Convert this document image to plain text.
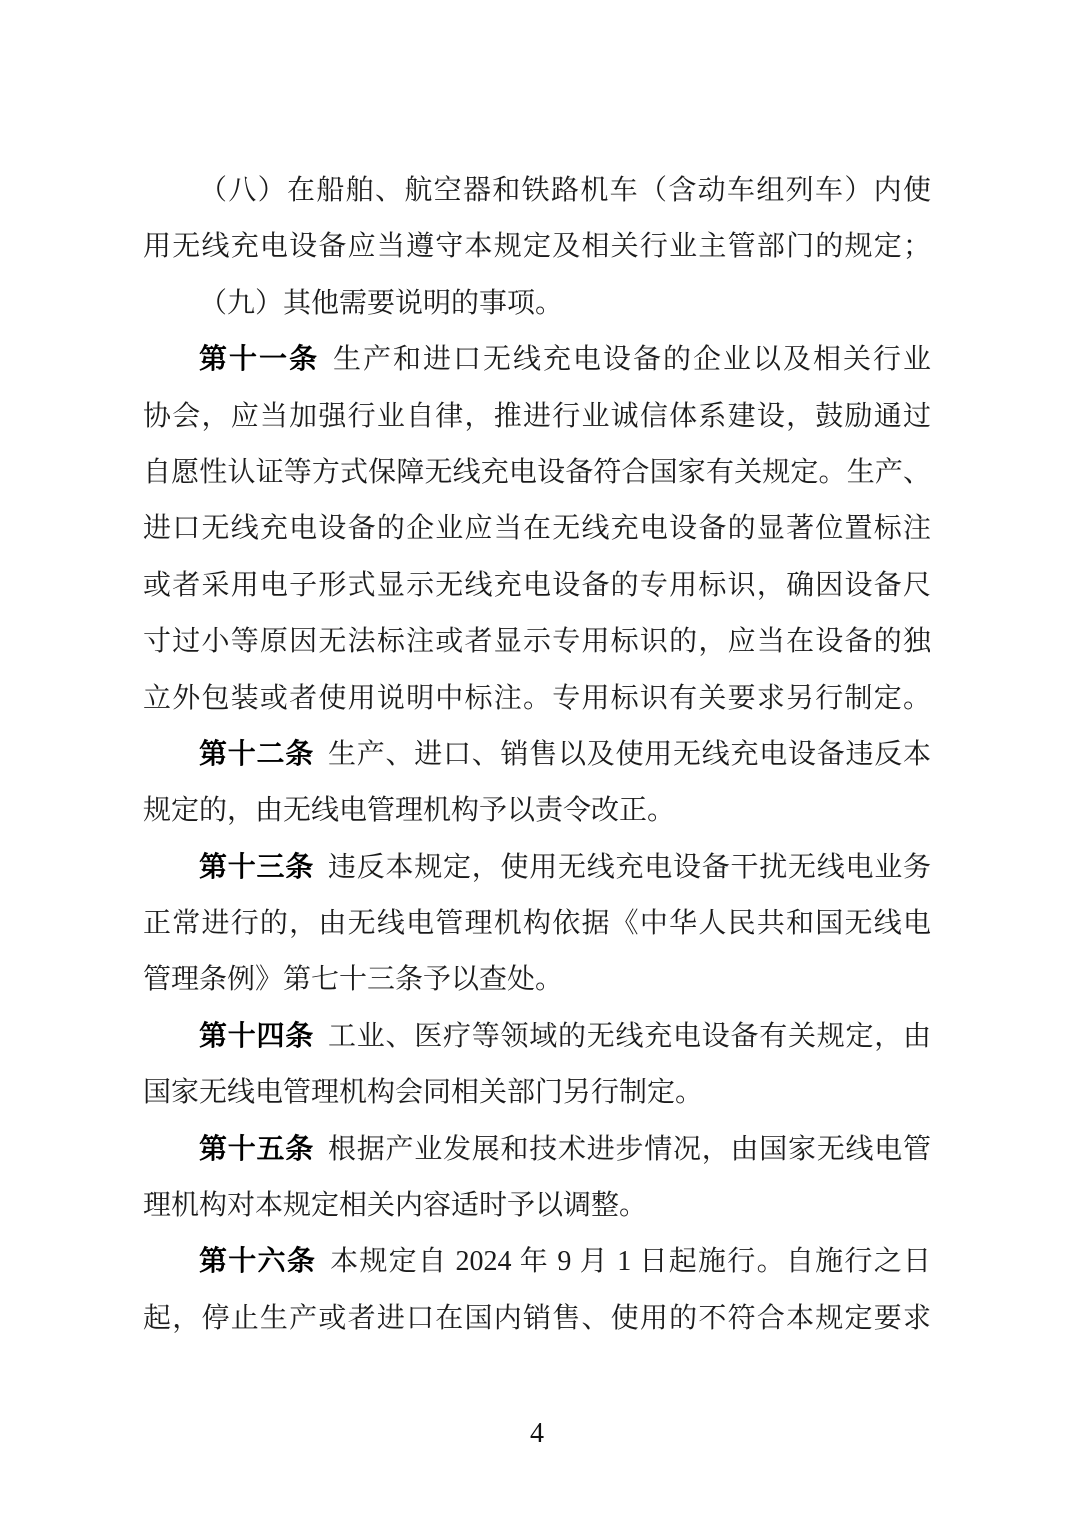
（八）在船舶、航空器和铁路机车（含动车组列车）内使
用无线充电设备应当遵守本规定及相关行业主管部门的规定；
（九）其他需要说明的事项。
第十一条 生产和进口无线充电设备的企业以及相关行业
协会，应当加强行业自律，推进行业诚信体系建设，鼓励通过
自愿性认证等方式保障无线充电设备符合国家有关规定。生产、
进口无线充电设备的企业应当在无线充电设备的显著位置标注
或者采用电子形式显示无线充电设备的专用标识，确因设备尺
寸过小等原因无法标注或者显示专用标识的，应当在设备的独
立外包装或者使用说明中标注。专用标识有关要求另行制定。
第十二条 生产、进口、销售以及使用无线充电设备违反本
规定的，由无线电管理机构予以责令改正。
第十三条 违反本规定，使用无线充电设备干扰无线电业务
正常进行的，由无线电管理机构依据《中华人民共和国无线电
管理条例》第七十三条予以查处。
第十四条 工业、医疗等领域的无线充电设备有关规定，由
国家无线电管理机构会同相关部门另行制定。
第十五条 根据产业发展和技术进步情况，由国家无线电管
理机构对本规定相关内容适时予以调整。
第十六条 本规定自 2024 年 9 月 1 日起施行。自施行之日
起，停止生产或者进口在国内销售、使用的不符合本规定要求
4
